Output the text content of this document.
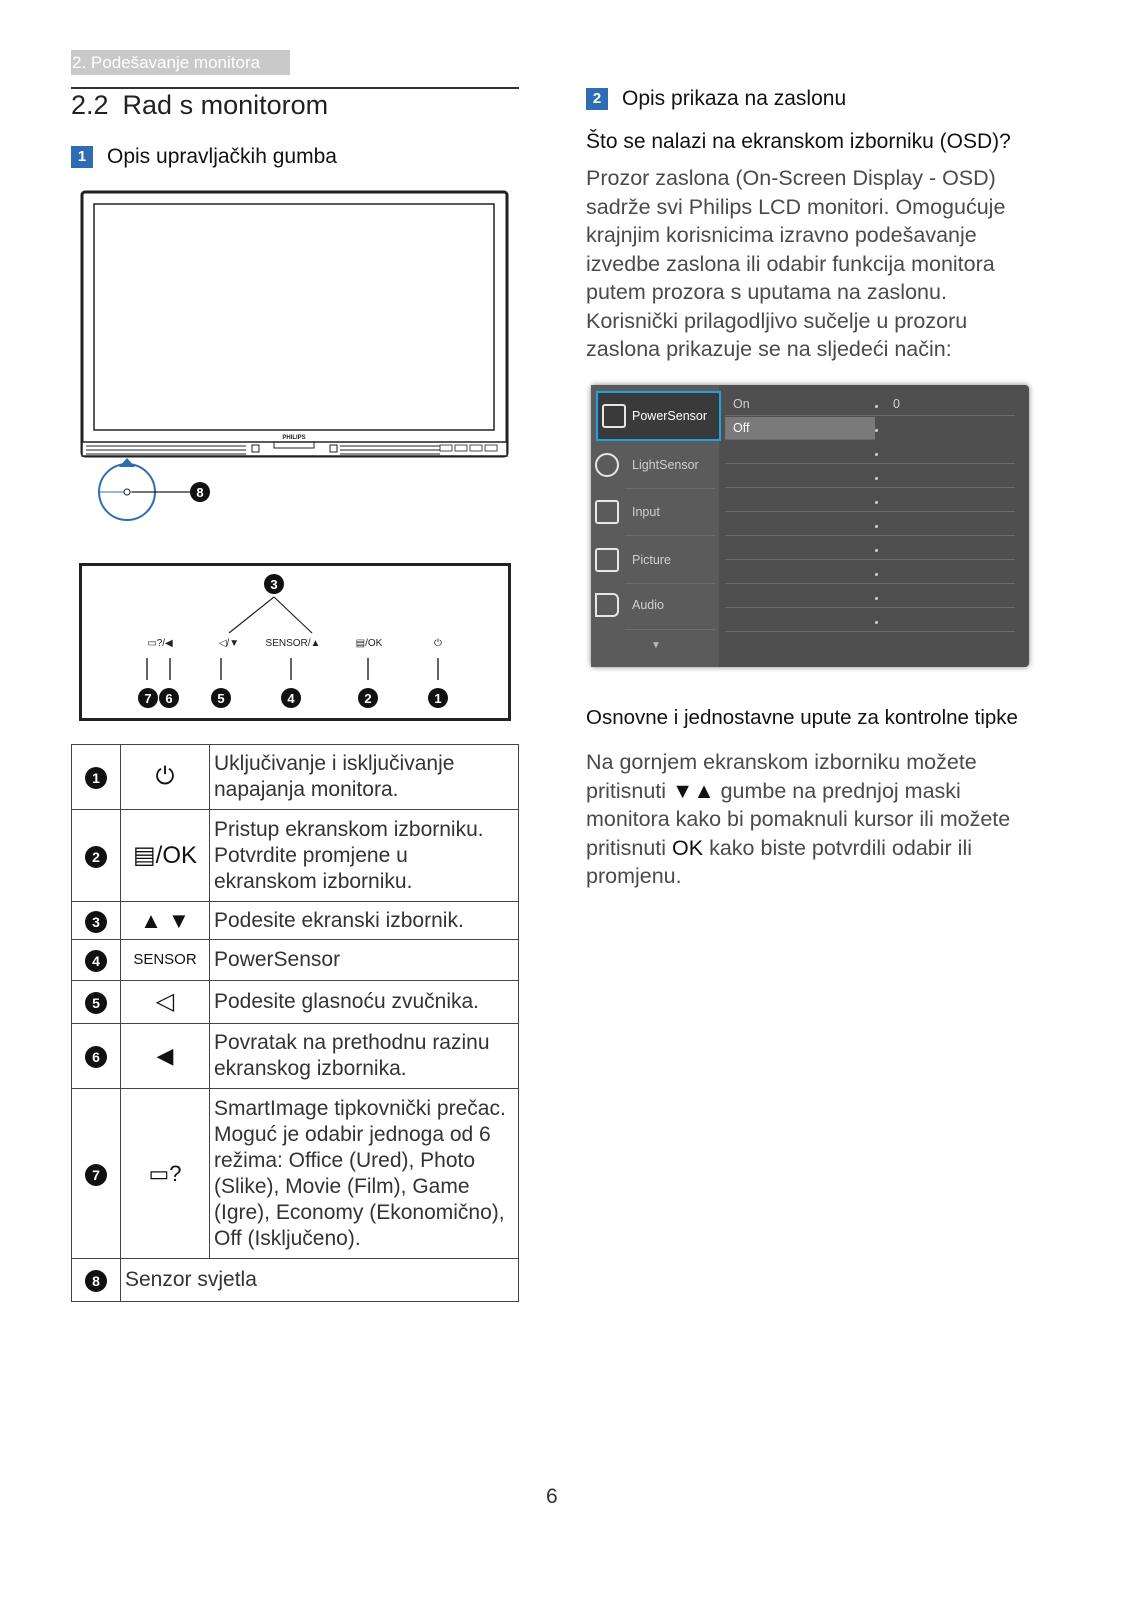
2. Podešavanje monitora
2.2 Rad s monitorom
1 Opis upravljačkih gumba
PHILIPS
8
3
▭?/◀	◁/▼	SENSOR/▲	▤/OK	⏻
7 6	5	4	2	1
1	⏻	Uključivanje i isključivanje napajanja monitora.
2	▤/OK	Pristup ekranskom izborniku. Potvrdite promjene u ekranskom izborniku.
3	▲ ▼	Podesite ekranski izbornik.
4	SENSOR	PowerSensor
5	◁	Podesite glasnoću zvučnika.
6	◀	Povratak na prethodnu razinu ekranskog izbornika.
7	▭?	SmartImage tipkovnički prečac. Moguć je odabir jednoga od 6 režima: Office (Ured), Photo (Slike), Movie (Film), Game (Igre), Economy (Ekonomično), Off (Isključeno).
8	Senzor svjetla	
2 Opis prikaza na zaslonu
Što se nalazi na ekranskom izborniku (OSD)?
Prozor zaslona (On-Screen Display - OSD) sadrže svi Philips LCD monitori. Omogućuje krajnjim korisnicima izravno podešavanje izvedbe zaslona ili odabir funkcija monitora putem prozora s uputama na zaslonu. Korisnički prilagodljivo sučelje u prozoru zaslona prikazuje se na sljedeći način:
PowerSensor
LightSensor
Input
Picture
Audio
▼
On	0
Off
Osnovne i jednostavne upute za kontrolne tipke
Na gornjem ekranskom izborniku možete pritisnuti ▼▲ gumbe na prednjoj maski monitora kako bi pomaknuli kursor ili možete pritisnuti OK kako biste potvrdili odabir ili promjenu.
6
